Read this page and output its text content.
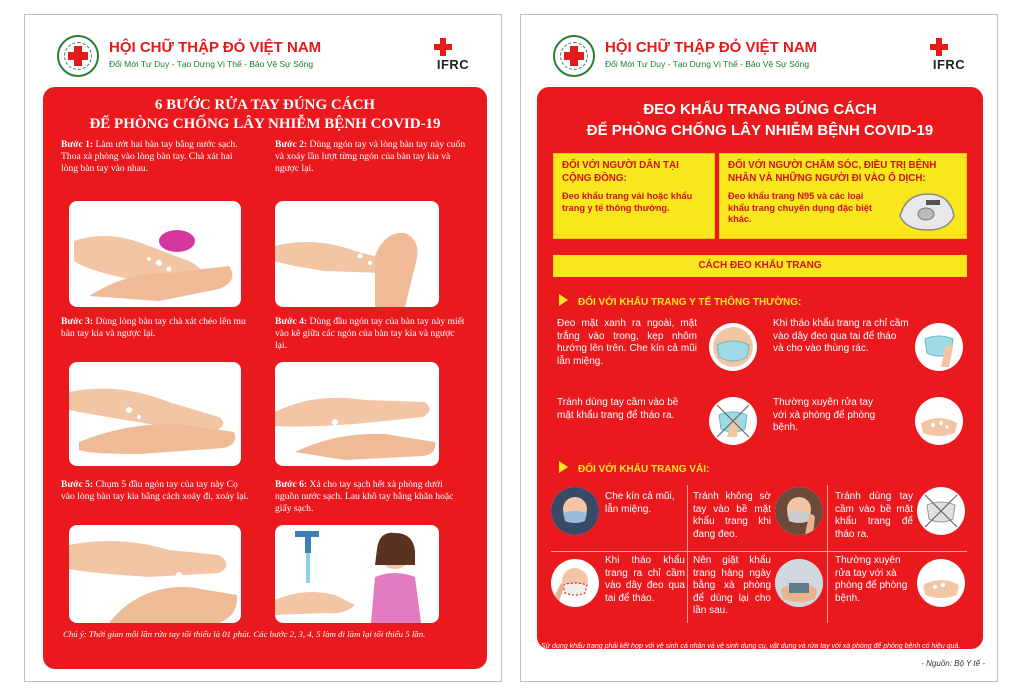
HỘI CHỮ THẬP ĐỎ VIỆT NAM
Đổi Mới Tư Duy - Tạo Dựng Vị Thế - Bảo Vệ Sự Sống	IFRC
6 BƯỚC RỬA TAY ĐÚNG CÁCH
ĐỂ PHÒNG CHỐNG LÂY NHIỄM BỆNH COVID-19
Bước 1: Làm ướt hai bàn tay bằng nước sạch. Thoa xà phòng vào lòng bàn tay. Chà xát hai lòng bàn tay vào nhau.
Bước 2: Dùng ngón tay và lòng bàn tay này cuốn và xoáy lần lượt từng ngón của bàn tay kia và ngược lại.
Bước 3: Dùng lòng bàn tay chà xát chéo lên mu bàn tay kia và ngược lại.
Bước 4: Dùng đầu ngón tay của bàn tay này miết vào kẽ giữa các ngón của bàn tay kia và ngược lại.
Bước 5: Chụm 5 đầu ngón tay của tay này Cọ vào lòng bàn tay kia bằng cách xoáy đi, xoáy lại.
Bước 6: Xả cho tay sạch hết xà phòng dưới nguồn nước sạch. Lau khô tay bằng khăn hoặc giấy sạch.
Chú ý: Thời gian mỗi lần rửa tay tối thiểu là 01 phút. Các bước 2, 3, 4, 5 làm đi làm lại tối thiểu 5 lần.
HỘI CHỮ THẬP ĐỎ VIỆT NAM
Đổi Mới Tư Duy - Tạo Dựng Vị Thế - Bảo Vệ Sự Sống	IFRC
ĐEO KHẨU TRANG ĐÚNG CÁCH
ĐỂ PHÒNG CHỐNG LÂY NHIỄM BỆNH COVID-19
ĐỐI VỚI NGƯỜI DÂN TẠI CỘNG ĐỒNG:
Đeo khẩu trang vải hoặc khẩu trang y tế thông thường.
ĐỐI VỚI NGƯỜI CHĂM SÓC, ĐIỀU TRỊ BỆNH NHÂN VÀ NHỮNG NGƯỜI ĐI VÀO Ổ DỊCH:
Đeo khẩu trang N95 và các loại khẩu trang chuyên dụng đặc biệt khác.
CÁCH ĐEO KHẨU TRANG
ĐỐI VỚI KHẨU TRANG Y TẾ THÔNG THƯỜNG:
Đeo mặt xanh ra ngoài, mặt trắng vào trong, kẹp nhôm hướng lên trên. Che kín cả mũi lẫn miệng.
Khi tháo khẩu trang ra chỉ cầm vào dây đeo qua tai để tháo và cho vào thùng rác.
Tránh dùng tay cầm vào bề mặt khẩu trang để tháo ra.
Thường xuyên rửa tay với xà phòng để phòng bệnh.
ĐỐI VỚI KHẨU TRANG VẢI:
Che kín cả mũi, lẫn miệng.
Tránh không sờ tay vào bề mặt khẩu trang khi đang đeo.
Tránh dùng tay cầm vào bề mặt khẩu trang để tháo ra.
Khi tháo khẩu trang ra chỉ cầm vào dây đeo qua tai để tháo.
Nên giặt khẩu trang hàng ngày bằng xà phòng để dùng lại cho lần sau.
Thường xuyên rửa tay với xà phòng để phòng bệnh.
Sử dụng khẩu trang phải kết hợp với vệ sinh cá nhân và vệ sinh dụng cụ, vật dụng và rửa tay với xà phòng để phòng bệnh có hiệu quả.
- Nguồn: Bộ Y tế -
